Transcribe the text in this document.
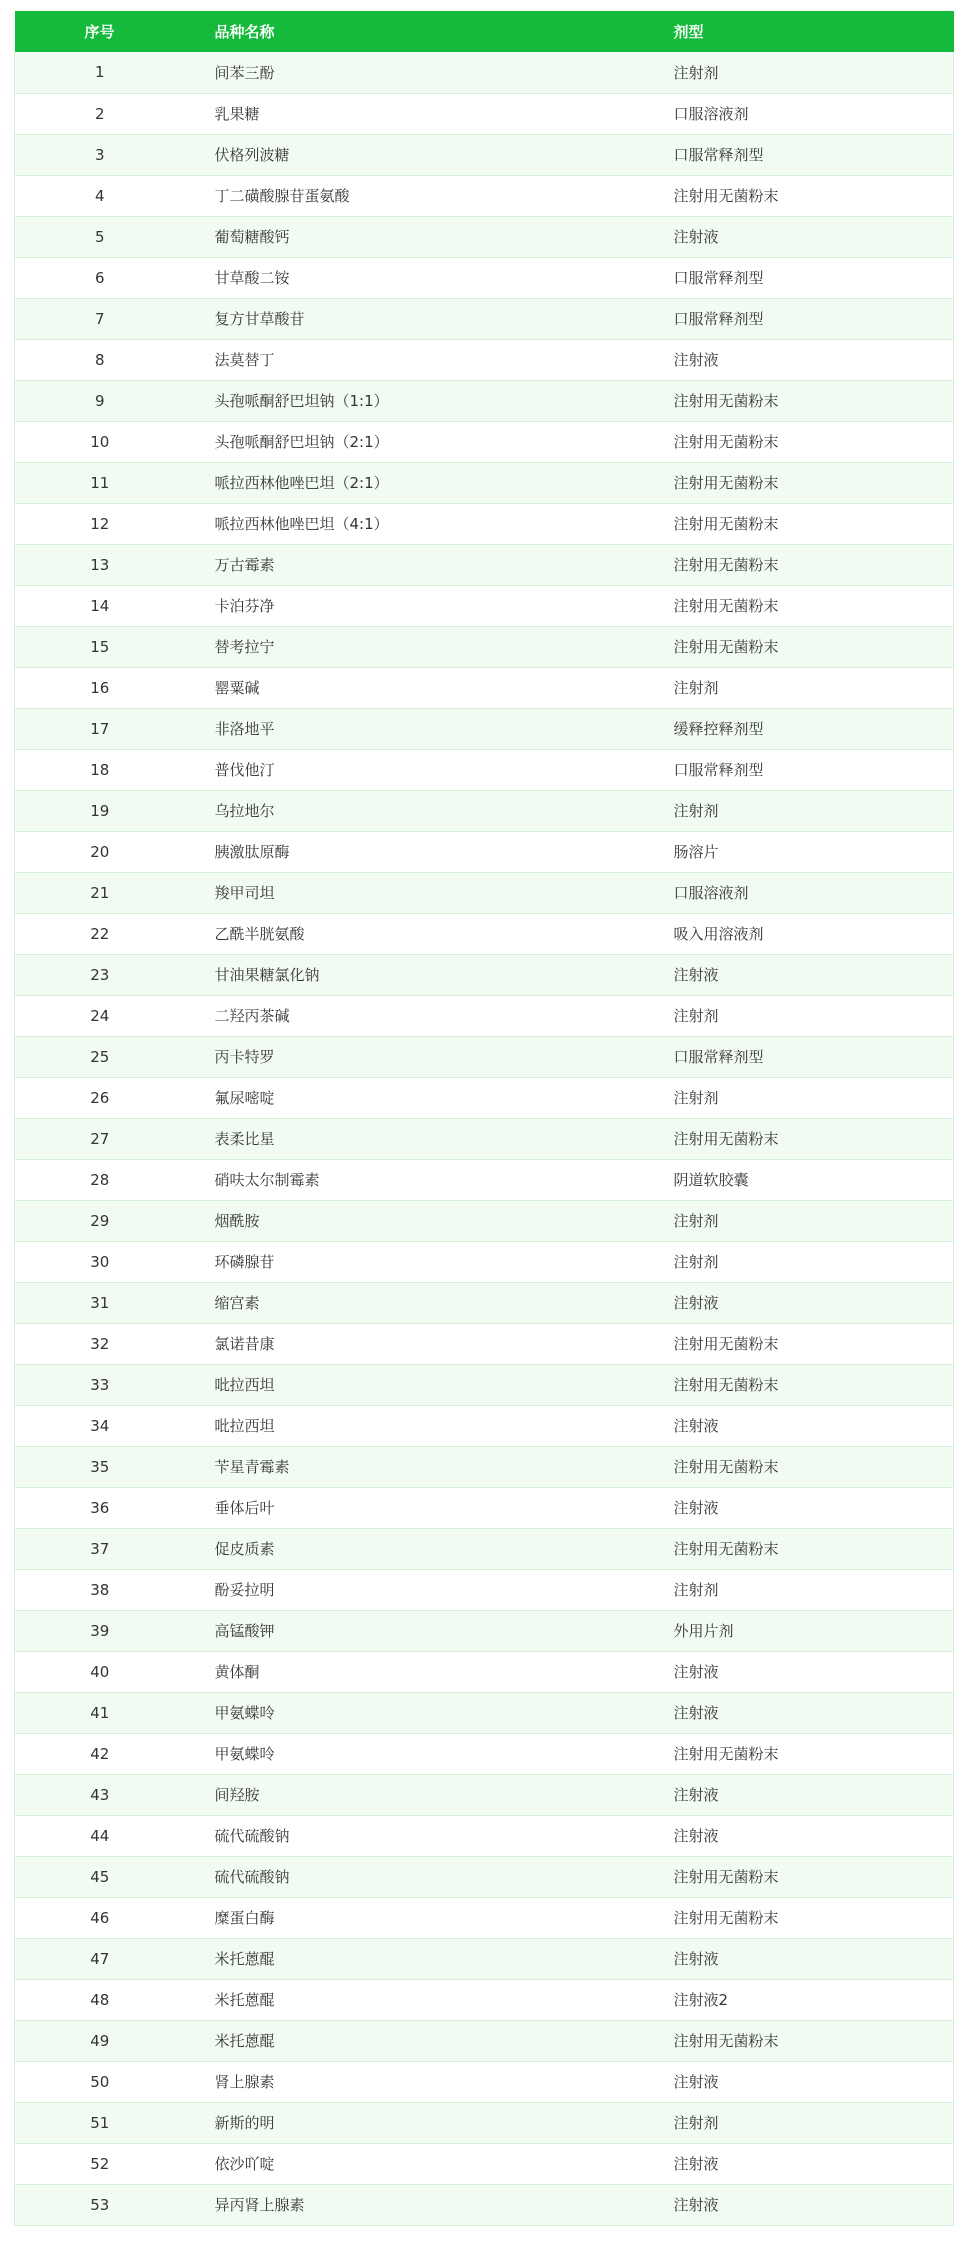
序号	品种名称	剂型
1	间苯三酚	注射剂
2	乳果糖	口服溶液剂
3	伏格列波糖	口服常释剂型
4	丁二磺酸腺苷蛋氨酸	注射用无菌粉末
5	葡萄糖酸钙	注射液
6	甘草酸二铵	口服常释剂型
7	复方甘草酸苷	口服常释剂型
8	法莫替丁	注射液
9	头孢哌酮舒巴坦钠（1:1）	注射用无菌粉末
10	头孢哌酮舒巴坦钠（2:1）	注射用无菌粉末
11	哌拉西林他唑巴坦（2:1）	注射用无菌粉末
12	哌拉西林他唑巴坦（4:1）	注射用无菌粉末
13	万古霉素	注射用无菌粉末
14	卡泊芬净	注射用无菌粉末
15	替考拉宁	注射用无菌粉末
16	罂粟碱	注射剂
17	非洛地平	缓释控释剂型
18	普伐他汀	口服常释剂型
19	乌拉地尔	注射剂
20	胰激肽原酶	肠溶片
21	羧甲司坦	口服溶液剂
22	乙酰半胱氨酸	吸入用溶液剂
23	甘油果糖氯化钠	注射液
24	二羟丙茶碱	注射剂
25	丙卡特罗	口服常释剂型
26	氟尿嘧啶	注射剂
27	表柔比星	注射用无菌粉末
28	硝呋太尔制霉素	阴道软胶囊
29	烟酰胺	注射剂
30	环磷腺苷	注射剂
31	缩宫素	注射液
32	氯诺昔康	注射用无菌粉末
33	吡拉西坦	注射用无菌粉末
34	吡拉西坦	注射液
35	苄星青霉素	注射用无菌粉末
36	垂体后叶	注射液
37	促皮质素	注射用无菌粉末
38	酚妥拉明	注射剂
39	高锰酸钾	外用片剂
40	黄体酮	注射液
41	甲氨蝶呤	注射液
42	甲氨蝶呤	注射用无菌粉末
43	间羟胺	注射液
44	硫代硫酸钠	注射液
45	硫代硫酸钠	注射用无菌粉末
46	糜蛋白酶	注射用无菌粉末
47	米托蒽醌	注射液
48	米托蒽醌	注射液2
49	米托蒽醌	注射用无菌粉末
50	肾上腺素	注射液
51	新斯的明	注射剂
52	依沙吖啶	注射液
53	异丙肾上腺素	注射液
